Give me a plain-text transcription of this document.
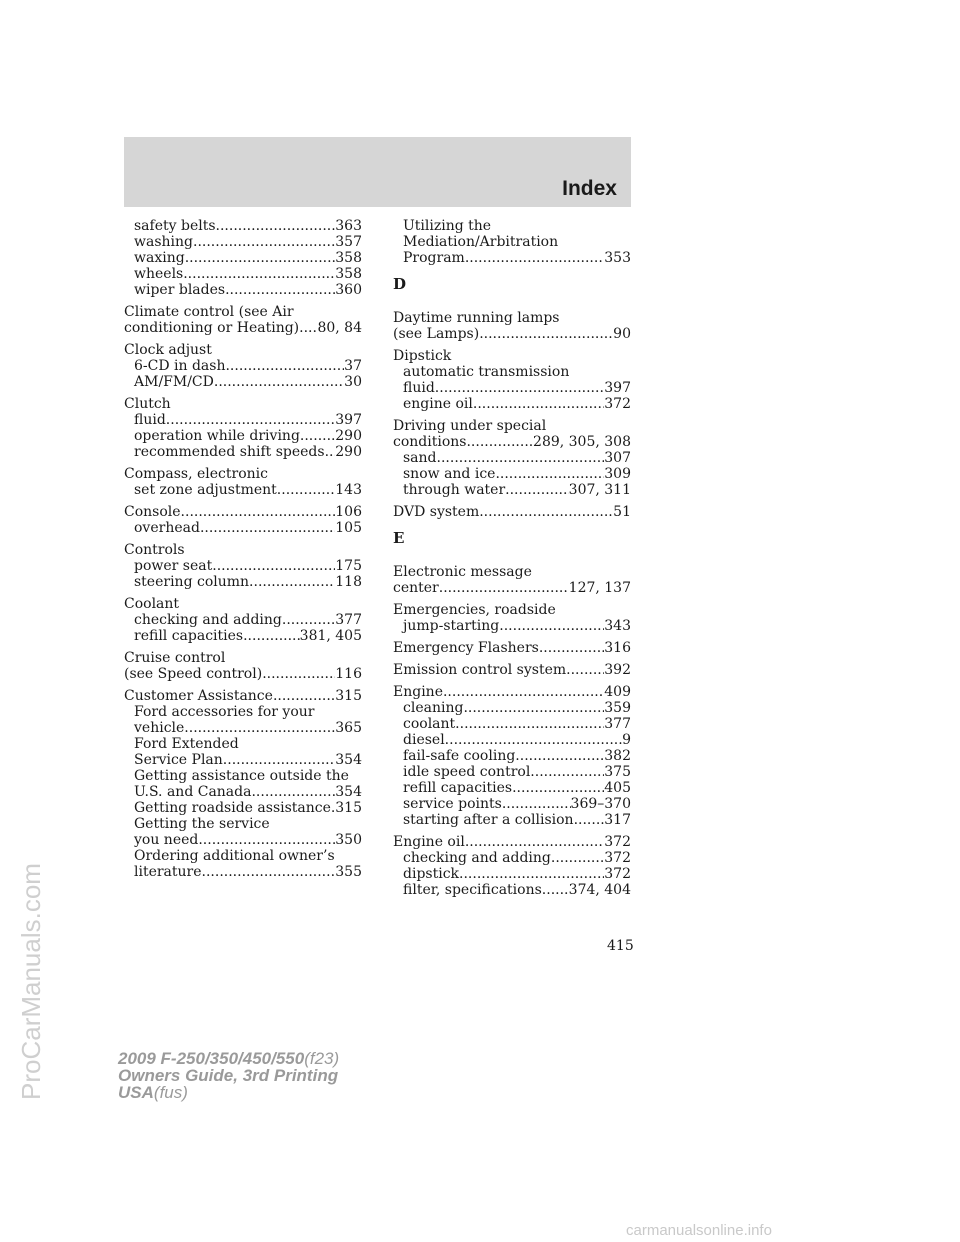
Index
ProCarManuals.com
safety belts .....	363
washing .....	357
waxing .....	358
wheels .....	358
wiper blades .....	360
Climate control (see Air
conditioning or Heating) ..... 80, 84
Clock adjust
6-CD in dash .....	37
AM/FM/CD .....	30
Clutch
fluid .....	397
operation while driving .....	290
recommended shift speeds ..... 290
Compass, electronic
set zone adjustment .....	143
Console .....	106
overhead .....	105
Controls
power seat .....	175
steering column .....	118
Coolant
checking and adding .....	377
refill capacities .....	381, 405
Cruise control
(see Speed control) .....	116
Customer Assistance .....	315
Ford accessories for your
vehicle .....	365
Ford Extended
Service Plan .....	354
Getting assistance outside the
U.S. and Canada .....	354
Getting roadside assistance ..... 315
Getting the service
you need .....	350
Ordering additional owner’s
literature .....	355
Utilizing the
Mediation/Arbitration
Program .....	353
D
Daytime running lamps
(see Lamps) .....	90
Dipstick
automatic transmission
fluid .....	397
engine oil .....	372
Driving under special
conditions .....	289, 305, 308
sand .....	307
snow and ice .....	309
through water .....	307, 311
DVD system .....	51
E
Electronic message
center .....	127, 137
Emergencies, roadside
jump-starting .....	343
Emergency Flashers .....	316
Emission control system .....	392
Engine .....	409
cleaning .....	359
coolant .....	377
diesel .....	9
fail-safe cooling .....	382
idle speed control .....	375
refill capacities .....	405
service points .....	369–370
starting after a collision ..... 317
Engine oil .....	372
checking and adding .....	372
dipstick .....	372
filter, specifications ..... 374, 404
415
2009 F-250/350/450/550(f23)
Owners Guide, 3rd Printing
USA(fus)
carmanualsonline.info
